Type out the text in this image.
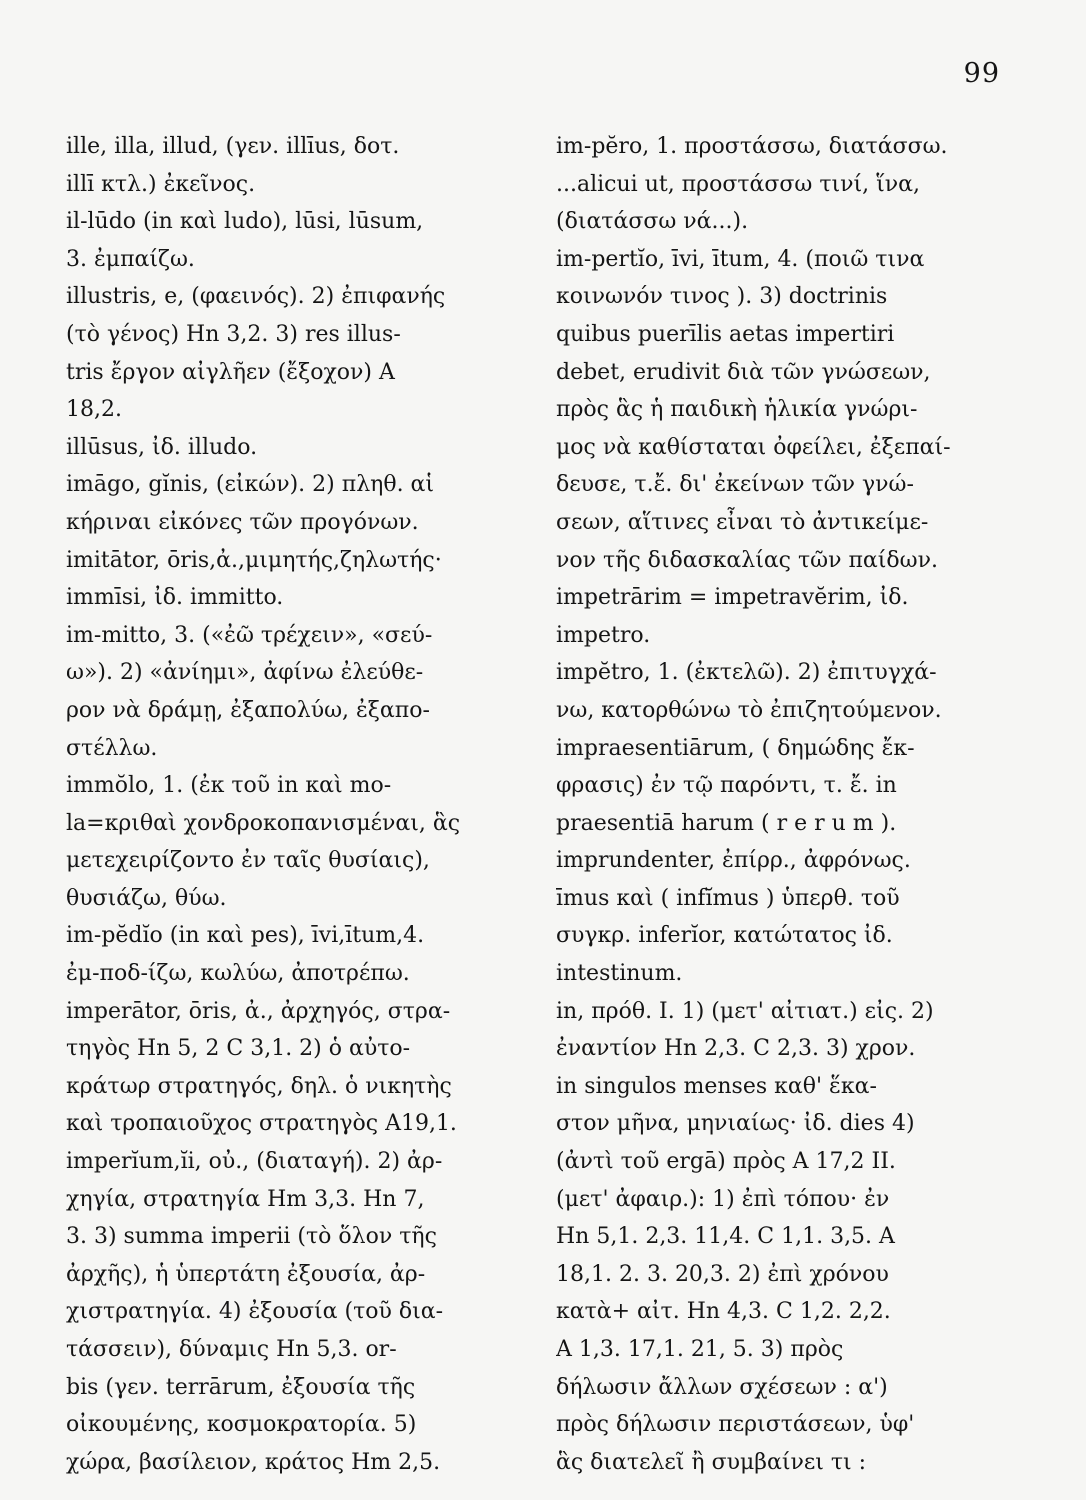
99
ille, illa, illud, (γεν. illīus, δοτ.
illī κτλ.) ἐκεῖνος.
il-lūdo (in καὶ ludo), lūsi, lūsum,
3. ἐμπαίζω.
illustris, e, (φαεινός). 2) ἐπιφανής
(τὸ γένος) Hn 3,2. 3) res illus-
tris ἔργον αἰγλῆεν (ἔξοχον) A
18,2.
illūsus, ἰδ. illudo.
imāgo, gĭnis, (εἰκών). 2) πληθ. αἱ
κήριναι εἰκόνες τῶν προγόνων.
imitātor, ōris,ἀ.,μιμητής,ζηλωτής·
immīsi, ἰδ. immitto.
im-mitto, 3. («ἐῶ τρέχειν», «σεύ-
ω»). 2) «ἀνίημι», ἀφίνω ἐλεύθε-
ρον νὰ δράμῃ, ἐξαπολύω, ἐξαπο-
στέλλω.
immŏlo, 1. (ἐκ τοῦ in καὶ mo-
la=κριθαὶ χονδροκοπανισμέναι, ἃς
μετεχειρίζοντο ἐν ταῖς θυσίαις),
θυσιάζω, θύω.
im-pĕdĭo (in καὶ pes), īvi,ītum,4.
ἐμ-ποδ-ίζω, κωλύω, ἀποτρέπω.
imperātor, ōris, ἀ., ἀρχηγός, στρα-
τηγὸς Hn 5, 2 C 3,1. 2) ὁ αὐτο-
κράτωρ στρατηγός, δηλ. ὁ νικητὴς
καὶ τροπαιοῦχος στρατηγὸς A19,1.
imperĭum,ĭi, οὐ., (διαταγή). 2) ἀρ-
χηγία, στρατηγία Hm 3,3. Hn 7,
3. 3) summa imperii (τὸ ὅλον τῆς
ἀρχῆς), ἡ ὑπερτάτη ἐξουσία, ἀρ-
χιστρατηγία. 4) ἐξουσία (τοῦ δια-
τάσσειν), δύναμις Hn 5,3. or-
bis (γεν. terrārum, ἐξουσία τῆς
οἰκουμένης, κοσμοκρατορία. 5)
χώρα, βασίλειον, κράτος Hm 2,5.
im-pĕro, 1. προστάσσω, διατάσσω.
...alicui ut, προστάσσω τινί, ἵνα,
(διατάσσω νά...).
im-pertĭo, īvi, ītum, 4. (ποιῶ τινα
κοινωνόν τινος ). 3) doctrinis
quibus puerīlis aetas impertiri
debet, erudivit διὰ τῶν γνώσεων,
πρὸς ἃς ἡ παιδικὴ ἡλικία γνώρι-
μος νὰ καθίσταται ὀφείλει, ἐξεπαί-
δευσε, τ.ἔ. δι' ἐκείνων τῶν γνώ-
σεων, αἵτινες εἶναι τὸ ἀντικείμε-
νον τῆς διδασκαλίας τῶν παίδων.
impetrārim = impetravĕrim, ἰδ.
impetro.
impĕtro, 1. (ἐκτελῶ). 2) ἐπιτυγχά-
νω, κατορθώνω τὸ ἐπιζητούμενον.
impraesentiārum, ( δημώδης ἔκ-
φρασις) ἐν τῷ παρόντι, τ. ἔ. in
praesentiā harum ( r e r u m ).
imprundenter, ἐπίρρ., ἀφρόνως.
īmus καὶ ( infĭmus ) ὑπερθ. τοῦ
συγκρ. inferĭor, κατώτατος ἰδ.
intestinum.
in, πρόθ. I. 1) (μετ' αἰτιατ.) εἰς. 2)
ἐναντίον Hn 2,3. C 2,3. 3) χρον.
in singulos menses καθ' ἕκα-
στον μῆνα, μηνιαίως· ἰδ. dies 4)
(ἀντὶ τοῦ ergā) πρὸς A 17,2 II.
(μετ' ἀφαιρ.): 1) ἐπὶ τόπου· ἐν
Hn 5,1. 2,3. 11,4. C 1,1. 3,5. A
18,1. 2. 3. 20,3. 2) ἐπὶ χρόνου
κατὰ+ αἰτ. Hn 4,3. C 1,2. 2,2.
A 1,3. 17,1. 21, 5. 3) πρὸς
δήλωσιν ἄλλων σχέσεων : α')
πρὸς δήλωσιν περιστάσεων, ὑφ'
ἃς διατελεῖ ἢ συμβαίνει τι :
